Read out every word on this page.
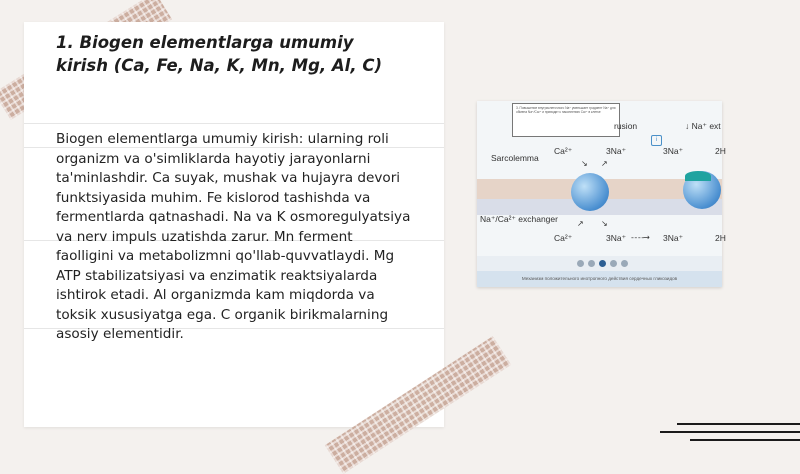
1. Biogen elementlarga umumiy kirish (Ca, Fe, Na, K, Mn, Mg, Al, C)

Biogen elementlarga umumiy kirish: ularning roli organizm va o'simliklarda hayotiy jarayonlarni ta'minlashdir. Ca suyak, mushak va hujayra devori funktsiyasida muhim. Fe kislorod tashishda va fermentlarda qatnashadi. Na va K osmoregulyatsiya va nerv impuls uzatishda zarur. Mn ferment faolligini va metabolizmni qo'llab-quvvatlaydi. Mg ATP stabilizatsiyasi va enzimatik reaktsiyalarda ishtirok etadi. Al organizmda kam miqdorda va toksik xususiyatga ega. C organik birikmalarning asosiy elementidir.

3. Повышение внутриклеточного Na⁺ уменьшает градиент Na⁺ для обмена Na⁺/Ca²⁺ и приводит к накоплению Ca²⁺ в клетке
i
rusion	↓ Na⁺ ext
Sarcolemma
Ca²⁺	3Na⁺	3Na⁺	2H
Na⁺/Ca²⁺ exchanger
Ca²⁺	3Na⁺	3Na⁺	2H
↘ ↗
↗ ↘
- - - -→
Механизм положительного инотропного действия сердечных гликозидов
